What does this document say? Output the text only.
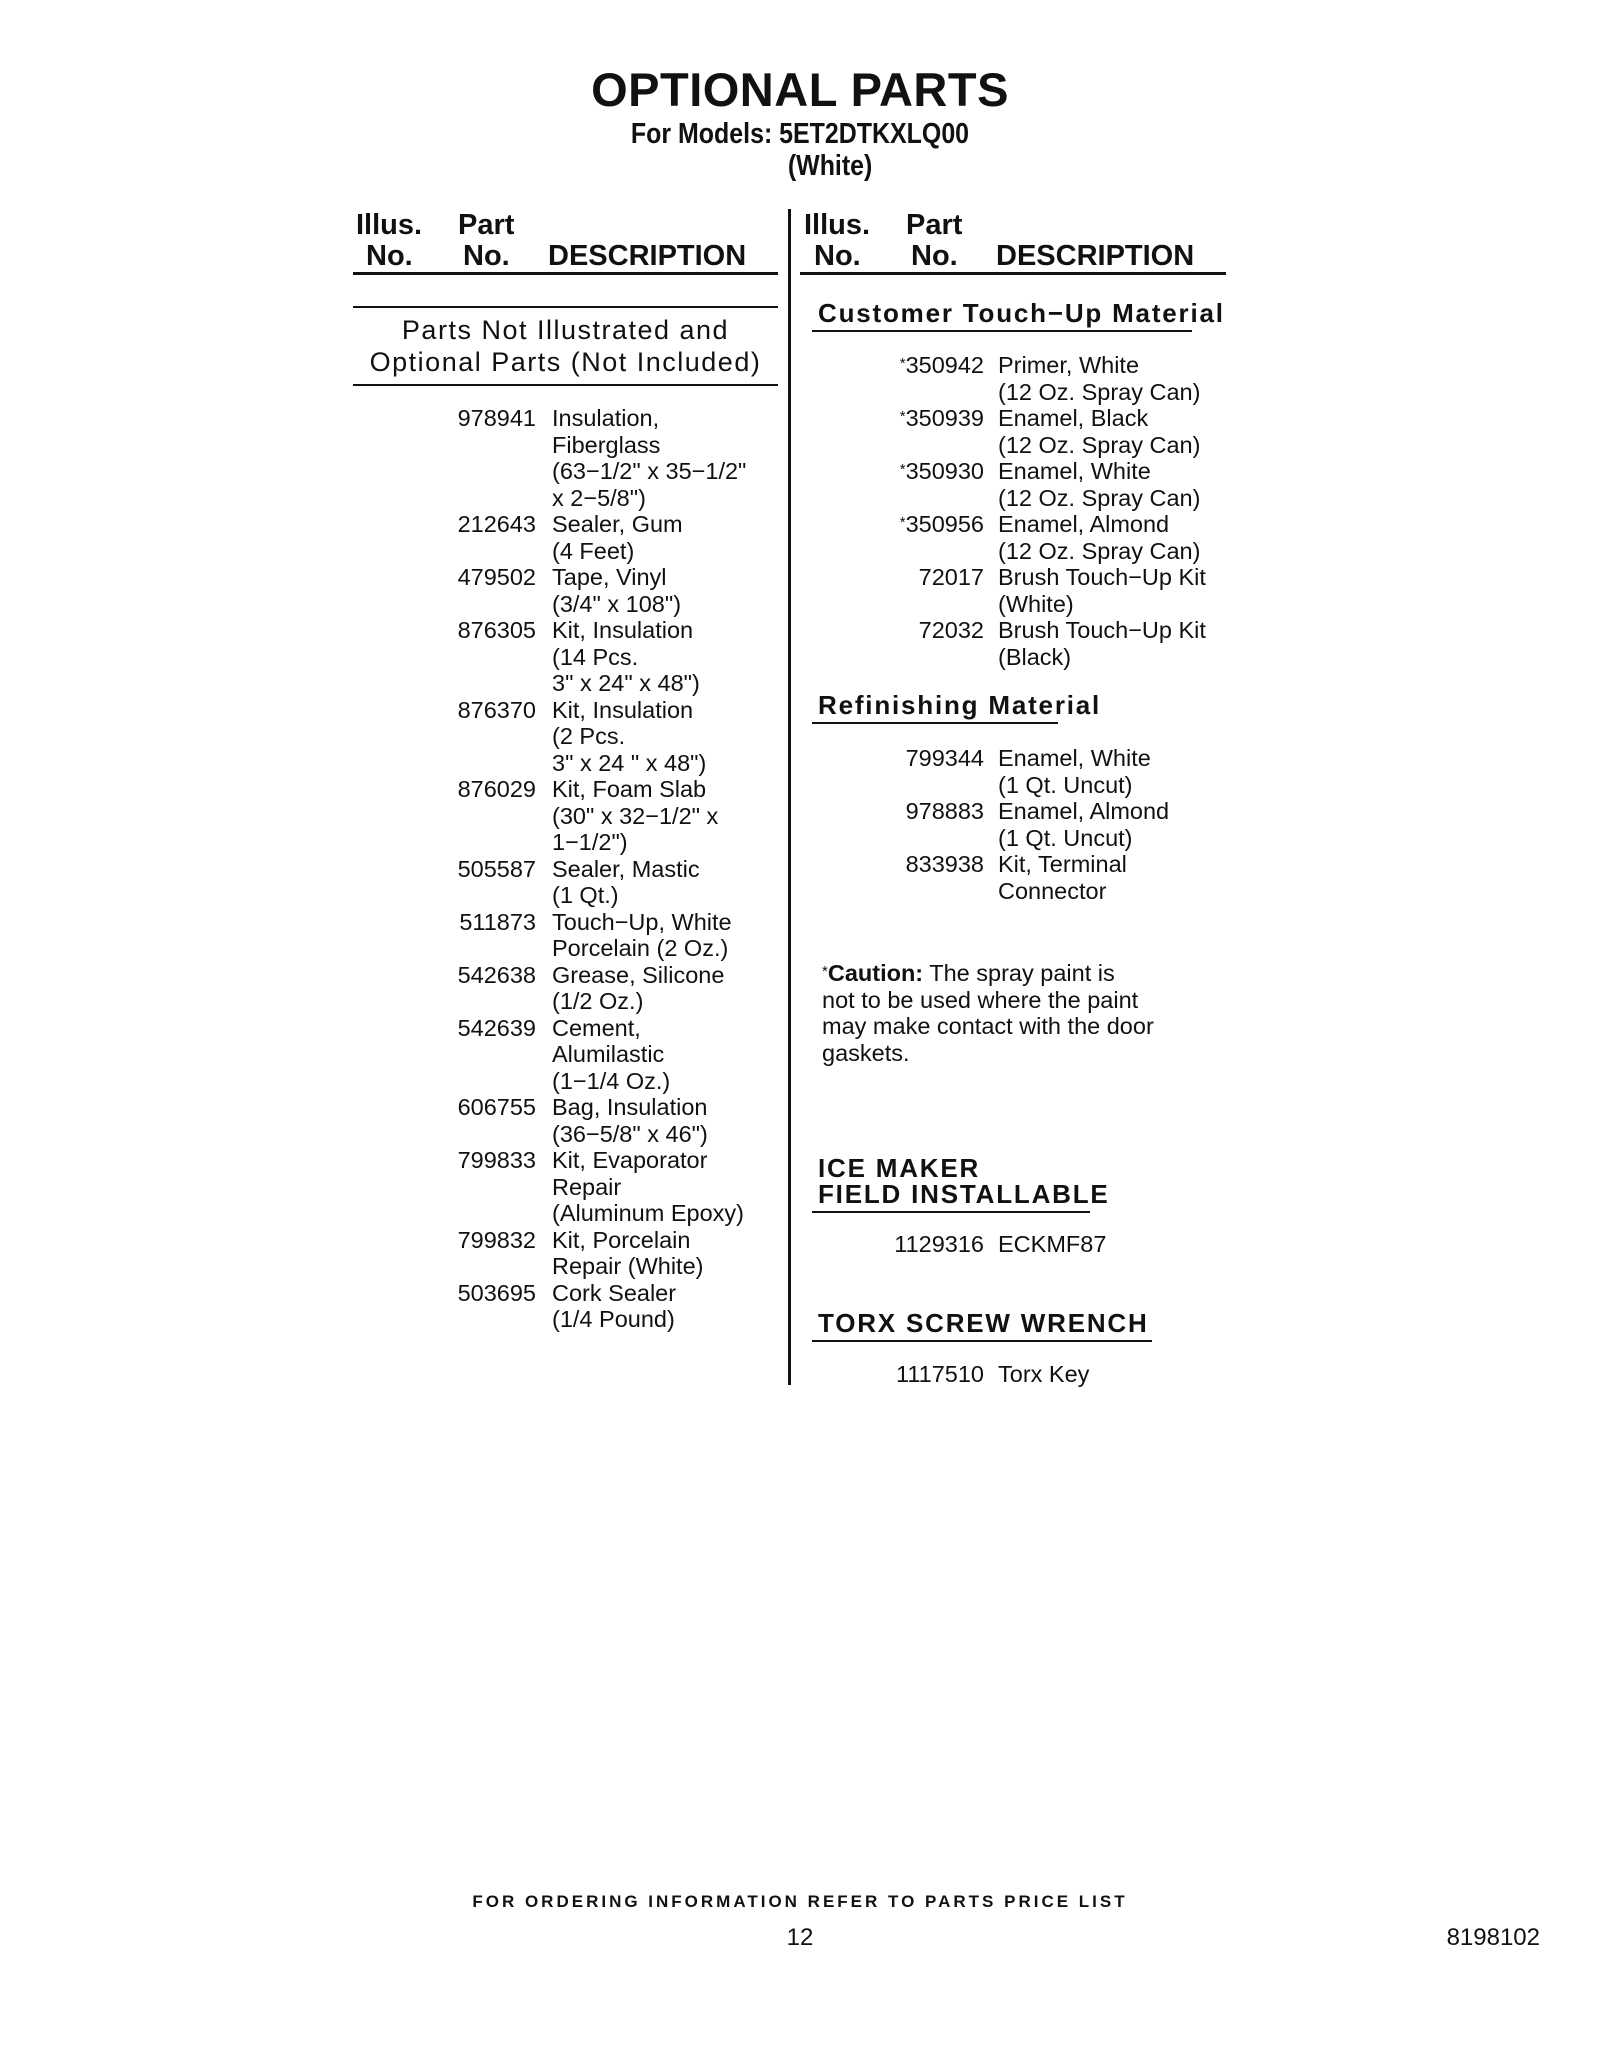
OPTIONAL PARTS
For Models: 5ET2DTKXLQ00
(White)
Illus. Part
No. No. DESCRIPTION
Illus. Part
No. No. DESCRIPTION
Parts Not Illustrated and
Optional Parts (Not Included)
978941 Insulation,
Fiberglass
(63−1/2" x 35−1/2"
x 2−5/8")
212643 Sealer, Gum
(4 Feet)
479502 Tape, Vinyl
(3/4" x 108")
876305 Kit, Insulation
(14 Pcs.
3" x 24" x 48")
876370 Kit, Insulation
(2 Pcs.
3" x 24 " x 48")
876029 Kit, Foam Slab
(30" x 32−1/2" x
1−1/2")
505587 Sealer, Mastic
(1 Qt.)
511873 Touch−Up, White
Porcelain (2 Oz.)
542638 Grease, Silicone
(1/2 Oz.)
542639 Cement,
Alumilastic
(1−1/4 Oz.)
606755 Bag, Insulation
(36−5/8" x 46")
799833 Kit, Evaporator
Repair
(Aluminum Epoxy)
799832 Kit, Porcelain
Repair (White)
503695 Cork Sealer
(1/4 Pound)
Customer Touch−Up Material
*350942 Primer, White
(12 Oz. Spray Can)
*350939 Enamel, Black
(12 Oz. Spray Can)
*350930 Enamel, White
(12 Oz. Spray Can)
*350956 Enamel, Almond
(12 Oz. Spray Can)
72017 Brush Touch−Up Kit
(White)
72032 Brush Touch−Up Kit
(Black)
Refinishing Material
799344 Enamel, White
(1 Qt. Uncut)
978883 Enamel, Almond
(1 Qt. Uncut)
833938 Kit, Terminal
Connector
*Caution: The spray paint is
not to be used where the paint
may make contact with the door
gaskets.
ICE MAKER
FIELD INSTALLABLE
1129316 ECKMF87
TORX SCREW WRENCH
1117510 Torx Key
FOR ORDERING INFORMATION REFER TO PARTS PRICE LIST
12	8198102
